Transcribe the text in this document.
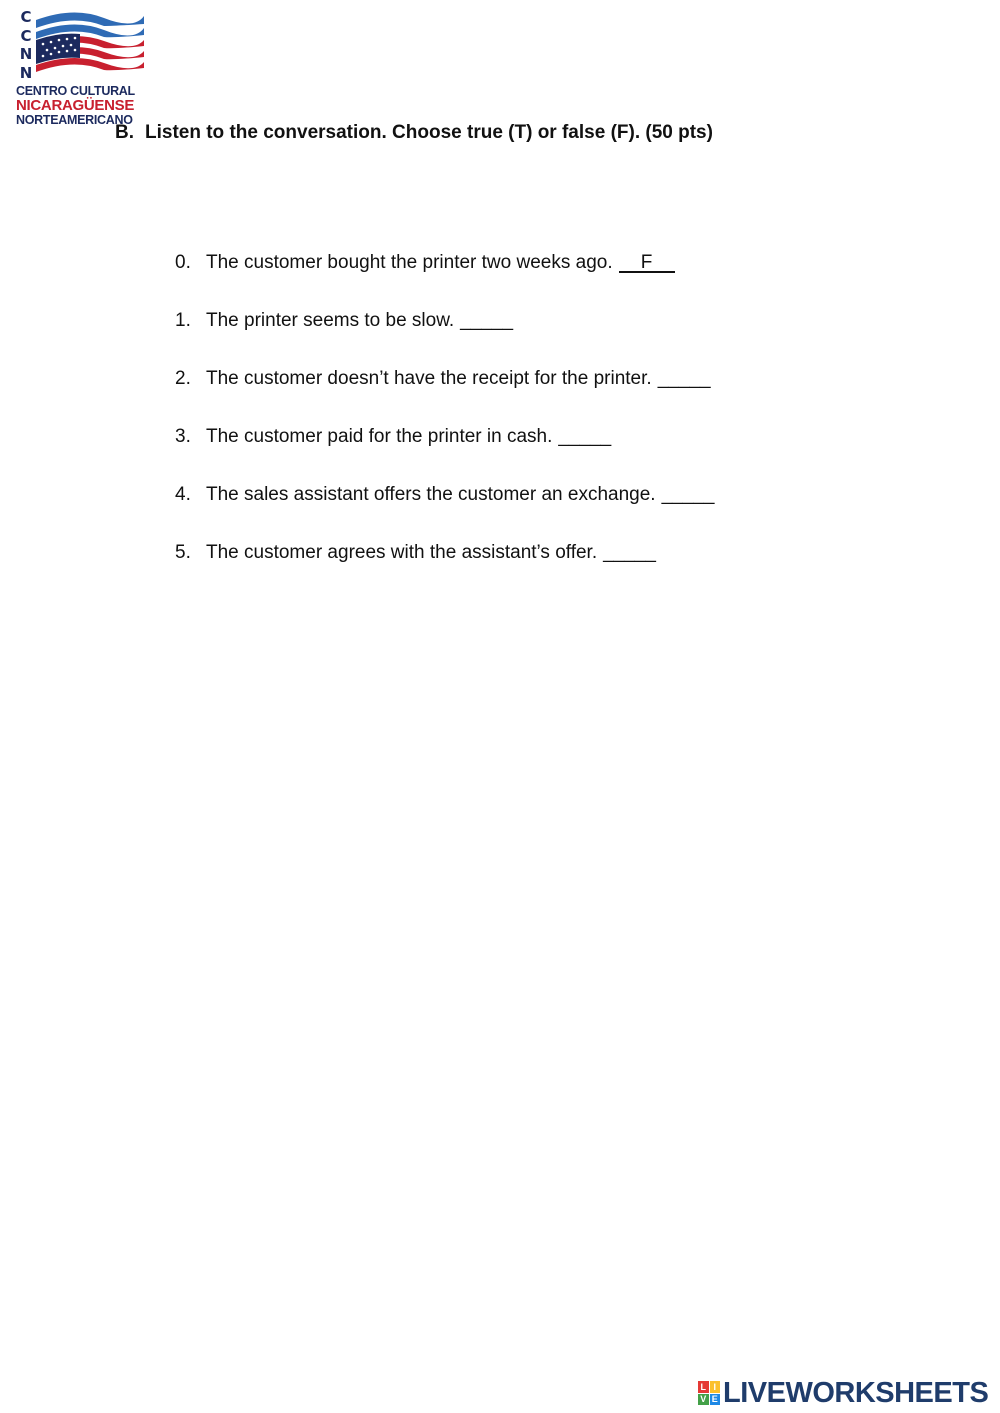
C
C
N
N
CENTRO CULTURAL
NICARAGÜENSE
NORTEAMERICANO
B. Listen to the conversation. Choose true (T) or false (F). (50 pts)
0. The customer bought the printer two weeks ago.	F
1. The printer seems to be slow. _____
2. The customer doesn’t have the receipt for the printer. _____
3. The customer paid for the printer in cash. _____
4. The sales assistant offers the customer an exchange. _____
5. The customer agrees with the assistant’s offer. _____
L I
V E LIVEWORKSHEETS
